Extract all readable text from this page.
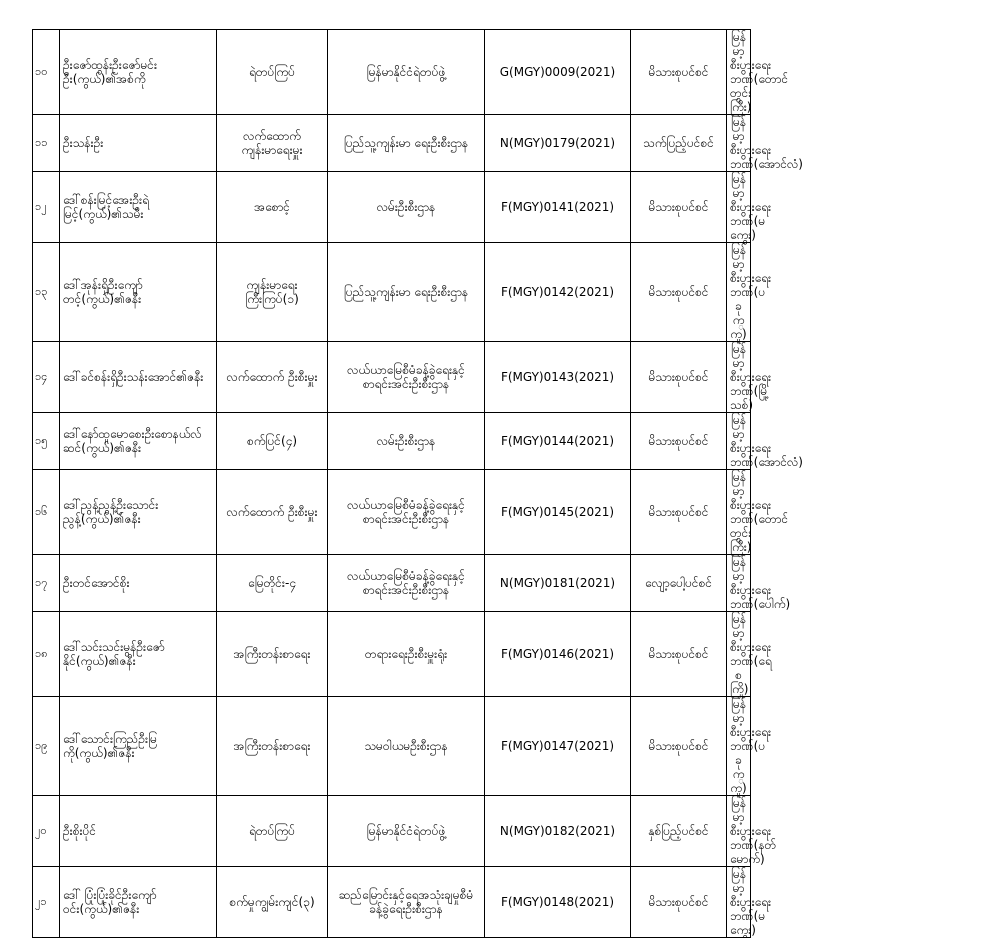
၁၀	ဦးဇော်ထွန်းဦးဇော်မင်းဦး(ကွယ်)၏အစ်ကို	ရဲတပ်ကြပ်	မြန်မာနိုင်ငံရဲတပ်ဖွဲ့	G(MGY)0009(2021)	မိသားစုပင်စင်	မြန်မာ့စီးပွားရေးဘဏ်(တောင်တွင်းကြီး)
၁၁	ဦးသန်းဦး	လက်ထောက် ကျန်းမာရေးမှူး	ပြည်သူ့ကျန်းမာ ရေးဦးစီးဌာန	N(MGY)0179(2021)	သက်ပြည့်ပင်စင်	မြန်မာ့စီးပွားရေးဘဏ်(အောင်လံ)
၁၂	ဒေါ်စန်းမြင့်အေးဦးရဲမြင့်(ကွယ်)၏သမီး	အစောင့်	လမ်းဦးစီးဌာန	F(MGY)0141(2021)	မိသားစုပင်စင်	မြန်မာ့စီးပွားရေးဘဏ်(မကွေး)
၁၃	ဒေါ်အုန်းရှိဦးကျော်တင့်(ကွယ်)၏ဇနီး	ကျန်းမာရေး ကြီးကြပ်(၁)	ပြည်သူ့ကျန်းမာ ရေးဦးစီးဌာန	F(MGY)0142(2021)	မိသားစုပင်စင်	မြန်မာ့စီးပွားရေးဘဏ်(ပခုက္ကူ)
၁၄	ဒေါ်ခင်စန်းရှိဦးသန်းအောင်၏ဇနီး	လက်ထောက် ဦးစီးမှူး	လယ်ယာမြေစီမံခန့်ခွဲရေးနှင့်စာရင်းအင်းဦးစီးဌာန	F(MGY)0143(2021)	မိသားစုပင်စင်	မြန်မာ့စီးပွားရေးဘဏ်(မြို့သစ်)
၁၅	ဒေါ်နော်ထူမောစေးဦးစောနယ်လ်ဆင်(ကွယ်)၏ဇနီး	စက်ပြင်(၄)	လမ်းဦးစီးဌာန	F(MGY)0144(2021)	မိသားစုပင်စင်	မြန်မာ့စီးပွားရေးဘဏ်(အောင်လံ)
၁၆	ဒေါ်ညွန့်ညွန့်ဦးသောင်းညွန့်(ကွယ်)၏ဇနီး	လက်ထောက် ဦးစီးမှူး	လယ်ယာမြေစီမံခန့်ခွဲရေးနှင့်စာရင်းအင်းဦးစီးဌာန	F(MGY)0145(2021)	မိသားစုပင်စင်	မြန်မာ့စီးပွားရေးဘဏ်(တောင်တွင်းကြီး)
၁၇	ဦးတင်အောင်စိုး	မြေတိုင်း-၄	လယ်ယာမြေစီမံခန့်ခွဲရေးနှင့်စာရင်းအင်းဦးစီးဌာန	N(MGY)0181(2021)	လျော့ပေါ့ပင်စင်	မြန်မာ့စီးပွားရေးဘဏ်(ပေါက်)
၁၈	ဒေါ်သင်းသင်းမွန်ဦးဇော်နိုင်(ကွယ်)၏ဇနီး	အကြီးတန်းစာရေး	တရားရေးဦးစီးမှူးရုံး	F(MGY)0146(2021)	မိသားစုပင်စင်	မြန်မာ့စီးပွားရေးဘဏ်(ရေစကြို)
၁၉	ဒေါ်သောင်းကြည်ဦးမြကို(ကွယ်)၏ဇနီး	အကြီးတန်းစာရေး	သမဝါယမဦးစီးဌာန	F(MGY)0147(2021)	မိသားစုပင်စင်	မြန်မာ့စီးပွားရေးဘဏ်(ပခုက္ကူ)
၂၀	ဦးစိုးပိုင်	ရဲတပ်ကြပ်	မြန်မာနိုင်ငံရဲတပ်ဖွဲ့	N(MGY)0182(2021)	နှစ်ပြည့်ပင်စင်	မြန်မာ့စီးပွားရေးဘဏ်(နတ်မောက်)
၂၁	ဒေါ် ပြုံးပြုံးခိုင်ဦးကျော်ဝင်း(ကွယ်)၏ဇနီး	စက်မှုကျွမ်းကျင်(၃)	ဆည်မြောင်းနှင့်ရေအသုံးချမှုစီမံခန့်ခွဲရေးဦးစီးဌာန	F(MGY)0148(2021)	မိသားစုပင်စင်	မြန်မာ့စီးပွားရေးဘဏ်(မကွေး)
